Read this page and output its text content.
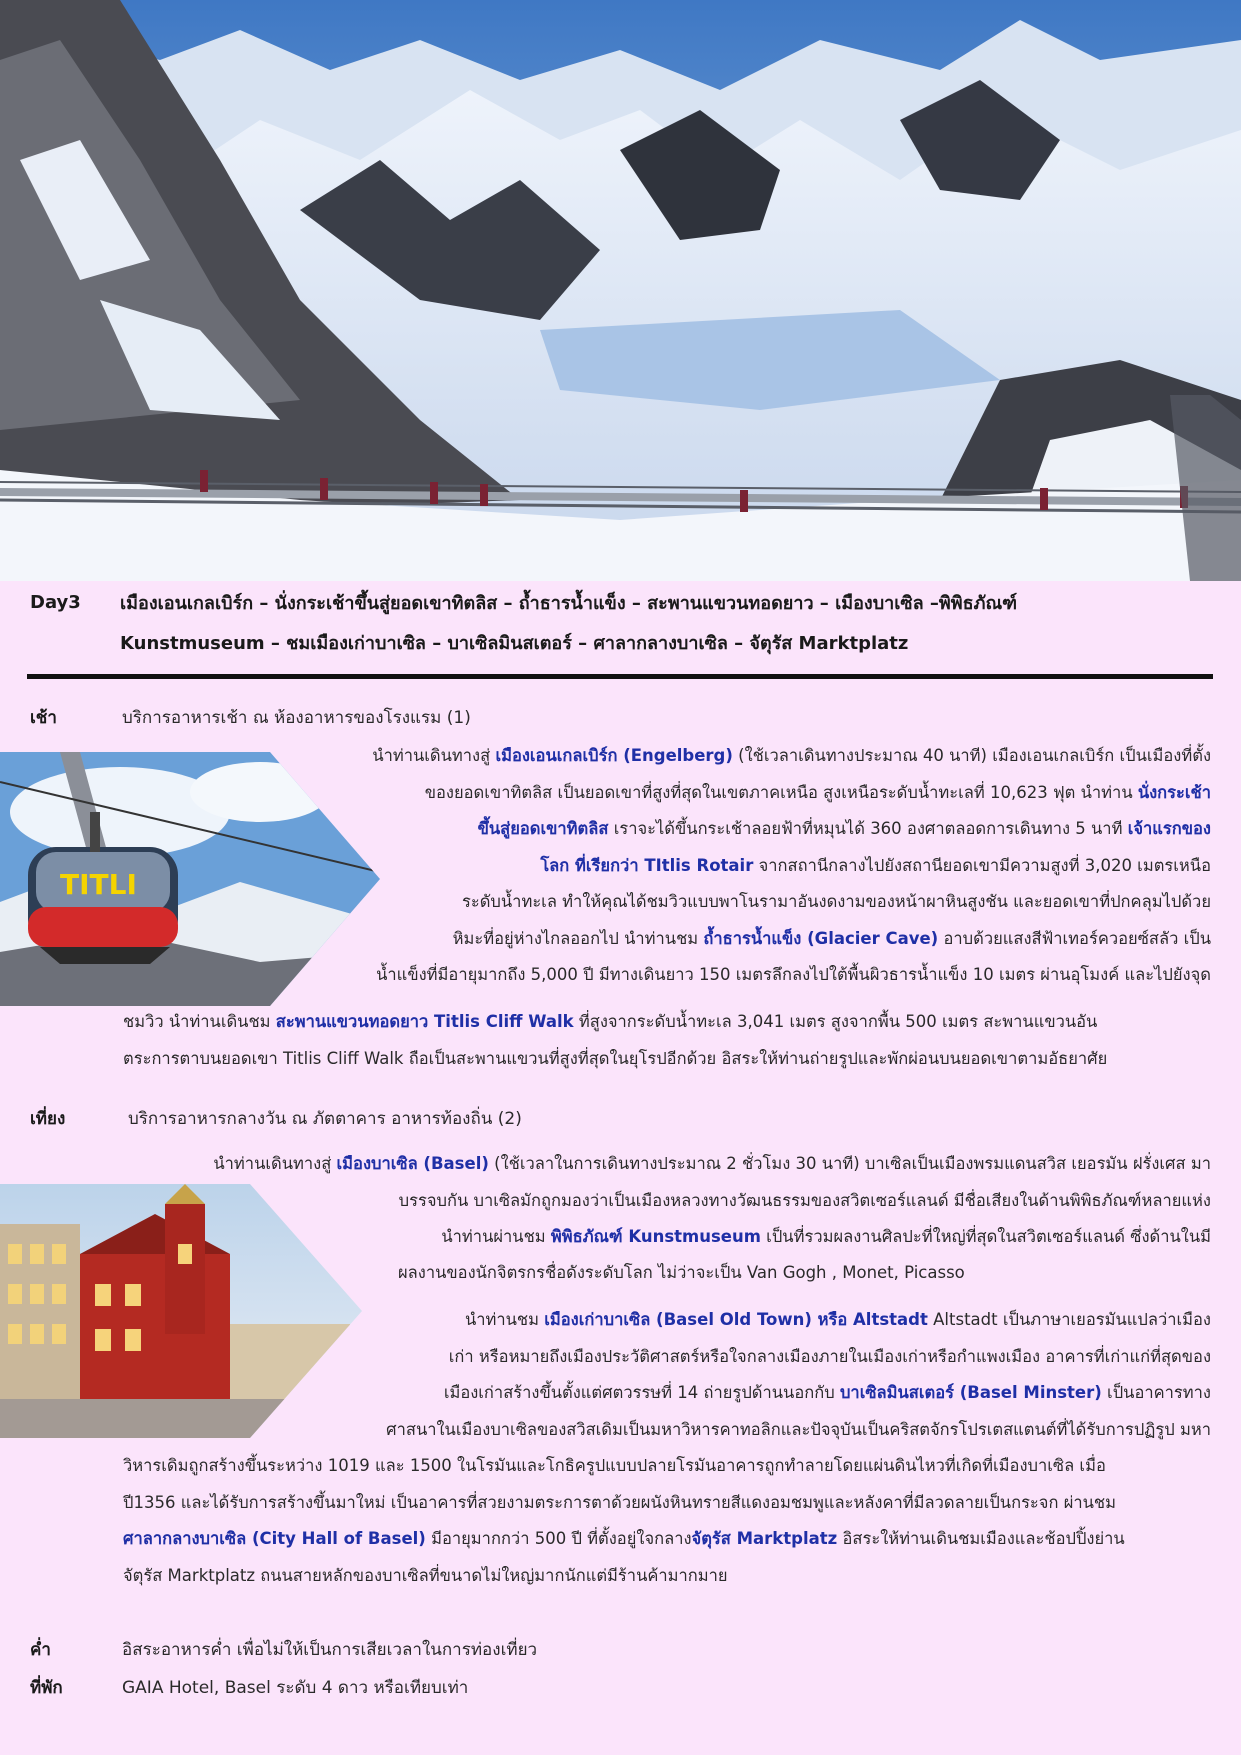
Day3 เมืองเอนเกลเบิร์ก – นั่งกระเช้าขึ้นสู่ยอดเขาทิตลิส – ถ้ำธารน้ำแข็ง – สะพานแขวนทอดยาว – เมืองบาเซิล –พิพิธภัณฑ์
Kunstmuseum – ชมเมืองเก่าบาเซิล – บาเซิลมินสเตอร์ – ศาลากลางบาเซิล – จัตุรัส Marktplatz
เช้า	บริการอาหารเช้า ณ ห้องอาหารของโรงแรม (1)
TITLI
นำท่านเดินทางสู่ เมืองเอนเกลเบิร์ก (Engelberg) (ใช้เวลาเดินทางประมาณ 40 นาที) เมืองเอนเกลเบิร์ก เป็นเมืองที่ตั้ง
ของยอดเขาทิตลิส เป็นยอดเขาที่สูงที่สุดในเขตภาคเหนือ สูงเหนือระดับน้ำทะเลที่ 10,623 ฟุต นำท่าน นั่งกระเช้า
ขึ้นสู่ยอดเขาทิตลิส เราจะได้ขึ้นกระเช้าลอยฟ้าที่หมุนได้ 360 องศาตลอดการเดินทาง 5 นาที เจ้าแรกของ
โลก ที่เรียกว่า TItlis Rotair จากสถานีกลางไปยังสถานียอดเขามีความสูงที่ 3,020 เมตรเหนือ
ระดับน้ำทะเล ทำให้คุณได้ชมวิวแบบพาโนรามาอันงดงามของหน้าผาหินสูงชัน และยอดเขาที่ปกคลุมไปด้วย
หิมะที่อยู่ห่างไกลออกไป นำท่านชม ถ้ำธารน้ำแข็ง (Glacier Cave) อาบด้วยแสงสีฟ้าเทอร์ควอยซ์สลัว เป็น
น้ำแข็งที่มีอายุมากถึง 5,000 ปี มีทางเดินยาว 150 เมตรลึกลงไปใต้พื้นผิวธารน้ำแข็ง 10 เมตร ผ่านอุโมงค์ และไปยังจุด
ชมวิว นำท่านเดินชม สะพานแขวนทอดยาว Titlis Cliff Walk ที่สูงจากระดับน้ำทะเล 3,041 เมตร สูงจากพื้น 500 เมตร สะพานแขวนอัน
ตระการตาบนยอดเขา Titlis Cliff Walk ถือเป็นสะพานแขวนที่สูงที่สุดในยุโรปอีกด้วย อิสระให้ท่านถ่ายรูปและพักผ่อนบนยอดเขาตามอัธยาศัย
เที่ยง	บริการอาหารกลางวัน ณ ภัตตาคาร อาหารท้องถิ่น (2)
นำท่านเดินทางสู่ เมืองบาเซิล (Basel) (ใช้เวลาในการเดินทางประมาณ 2 ชั่วโมง 30 นาที) บาเซิลเป็นเมืองพรมแดนสวิส เยอรมัน ฝรั่งเศส มา
บรรจบกัน บาเซิลมักถูกมองว่าเป็นเมืองหลวงทางวัฒนธรรมของสวิตเซอร์แลนด์ มีชื่อเสียงในด้านพิพิธภัณฑ์หลายแห่ง
นำท่านผ่านชม พิพิธภัณฑ์ Kunstmuseum เป็นที่รวมผลงานศิลปะที่ใหญ่ที่สุดในสวิตเซอร์แลนด์ ซึ่งด้านในมี
ผลงานของนักจิตรกรชื่อดังระดับโลก ไม่ว่าจะเป็น Van Gogh , Monet, Picasso
นำท่านชม เมืองเก่าบาเซิล (Basel Old Town) หรือ Altstadt Altstadt เป็นภาษาเยอรมันแปลว่าเมือง
เก่า หรือหมายถึงเมืองประวัติศาสตร์หรือใจกลางเมืองภายในเมืองเก่าหรือกำแพงเมือง อาคารที่เก่าแก่ที่สุดของ
เมืองเก่าสร้างขึ้นตั้งแต่ศตวรรษที่ 14 ถ่ายรูปด้านนอกกับ บาเซิลมินสเตอร์ (Basel Minster) เป็นอาคารทาง
ศาสนาในเมืองบาเซิลของสวิสเดิมเป็นมหาวิหารคาทอลิกและปัจจุบันเป็นคริสตจักรโปรเตสแตนต์ที่ได้รับการปฏิรูป มหา
วิหารเดิมถูกสร้างขึ้นระหว่าง 1019 และ 1500 ในโรมันและโกธิครูปแบบปลายโรมันอาคารถูกทำลายโดยแผ่นดินไหวที่เกิดที่เมืองบาเซิล เมื่อ
ปี1356 และได้รับการสร้างขึ้นมาใหม่ เป็นอาคารที่สวยงามตระการตาด้วยผนังหินทรายสีแดงอมชมพูและหลังคาที่มีลวดลายเป็นกระจก ผ่านชม
ศาลากลางบาเซิล (City Hall of Basel) มีอายุมากกว่า 500 ปี ที่ตั้งอยู่ใจกลางจัตุรัส Marktplatz อิสระให้ท่านเดินชมเมืองและช้อปปิ้งย่าน
จัตุรัส Marktplatz ถนนสายหลักของบาเซิลที่ขนาดไม่ใหญ่มากนักแต่มีร้านค้ามากมาย
ค่ำ	อิสระอาหารค่ำ เพื่อไม่ให้เป็นการเสียเวลาในการท่องเที่ยว
ที่พัก	GAIA Hotel, Basel ระดับ 4 ดาว หรือเทียบเท่า
